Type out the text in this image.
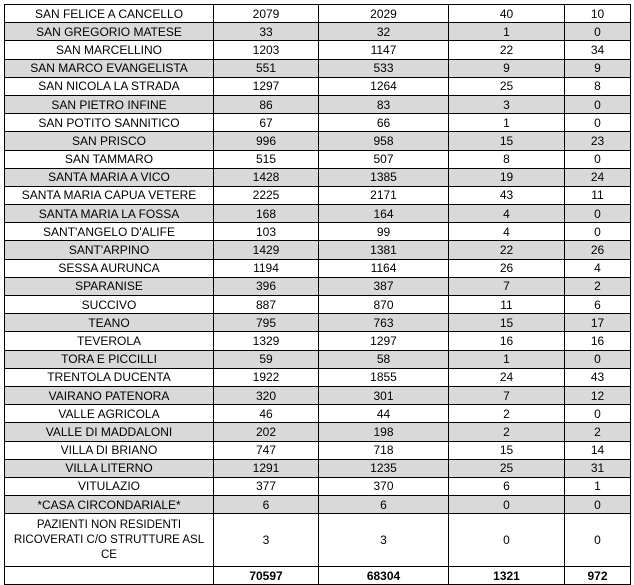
SAN FELICE A CANCELLO	2079	2029	40	10
SAN GREGORIO MATESE	33	32	1	0
SAN MARCELLINO	1203	1147	22	34
SAN MARCO EVANGELISTA	551	533	9	9
SAN NICOLA LA STRADA	1297	1264	25	8
SAN PIETRO INFINE	86	83	3	0
SAN POTITO SANNITICO	67	66	1	0
SAN PRISCO	996	958	15	23
SAN TAMMARO	515	507	8	0
SANTA MARIA A VICO	1428	1385	19	24
SANTA MARIA CAPUA VETERE	2225	2171	43	11
SANTA MARIA LA FOSSA	168	164	4	0
SANT'ANGELO D'ALIFE	103	99	4	0
SANT'ARPINO	1429	1381	22	26
SESSA AURUNCA	1194	1164	26	4
SPARANISE	396	387	7	2
SUCCIVO	887	870	11	6
TEANO	795	763	15	17
TEVEROLA	1329	1297	16	16
TORA E PICCILLI	59	58	1	0
TRENTOLA DUCENTA	1922	1855	24	43
VAIRANO PATENORA	320	301	7	12
VALLE AGRICOLA	46	44	2	0
VALLE DI MADDALONI	202	198	2	2
VILLA DI BRIANO	747	718	15	14
VILLA LITERNO	1291	1235	25	31
VITULAZIO	377	370	6	1
*CASA CIRCONDARIALE*	6	6	0	0
PAZIENTI NON RESIDENTI RICOVERATI C/O STRUTTURE ASL CE	3	3	0	0
	70597	68304	1321	972
